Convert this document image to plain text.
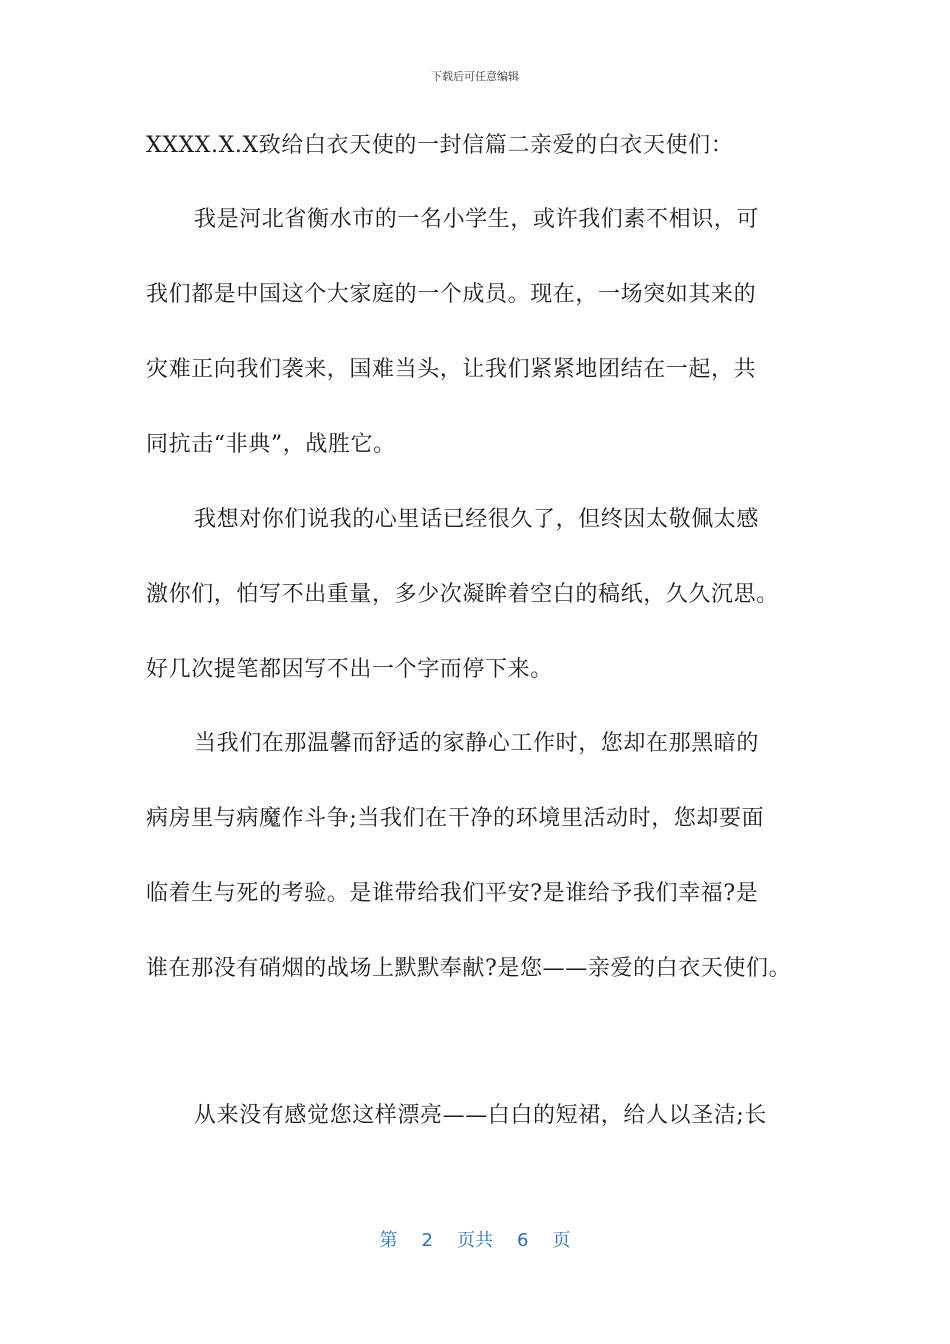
下载后可任意编辑
XXXX.X.X致给白衣天使的一封信篇二亲爱的白衣天使们：
我是河北省衡水市的一名小学生，或许我们素不相识，可
我们都是中国这个大家庭的一个成员。现在，一场突如其来的
灾难正向我们袭来，国难当头，让我们紧紧地团结在一起，共
同抗击“非典”，战胜它。
我想对你们说我的心里话已经很久了，但终因太敬佩太感
激你们，怕写不出重量，多少次凝眸着空白的稿纸，久久沉思。
好几次提笔都因写不出一个字而停下来。
当我们在那温馨而舒适的家静心工作时，您却在那黑暗的
病房里与病魔作斗争;当我们在干净的环境里活动时，您却要面
临着生与死的考验。是谁带给我们平安?是谁给予我们幸福?是
谁在那没有硝烟的战场上默默奉献?是您——亲爱的白衣天使们。
从来没有感觉您这样漂亮——白白的短裙，给人以圣洁;长
第 2 页共 6 页
